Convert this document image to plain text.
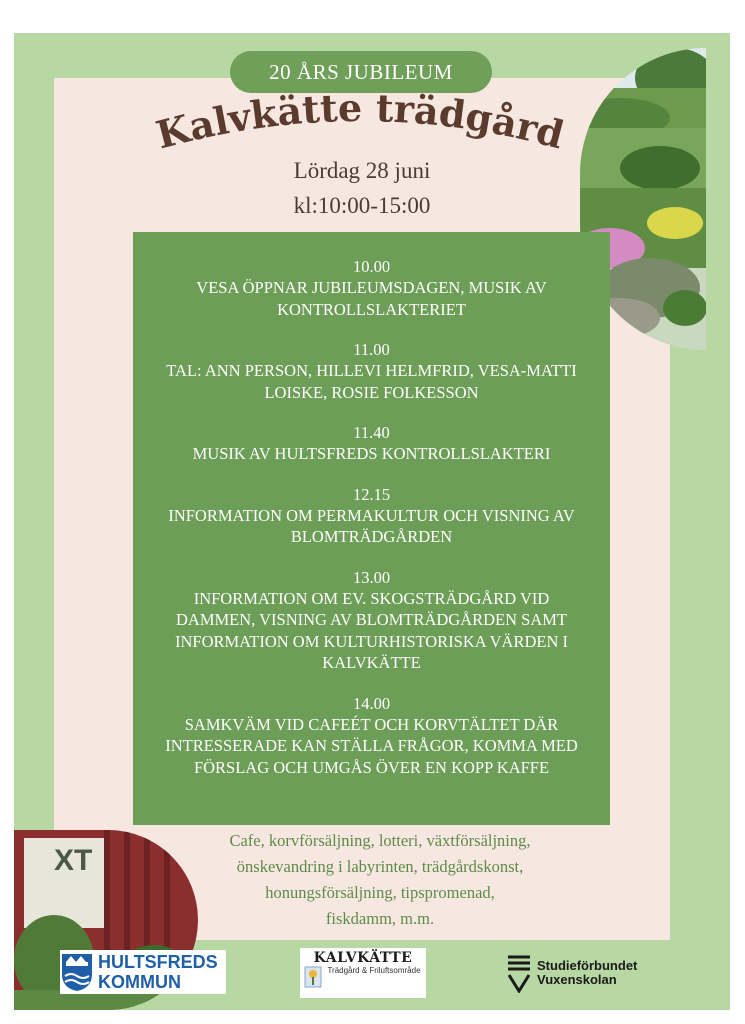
XT
20 ÅRS JUBILEUM
Kalvkätte trädgård
Lördag 28 juni
kl:10:00-15:00
10.00
VESA ÖPPNAR JUBILEUMSDAGEN, MUSIK AV KONTROLLSLAKTERIET
11.00
TAL: ANN PERSON, HILLEVI HELMFRID, VESA-MATTI LOISKE, ROSIE FOLKESSON
11.40
MUSIK AV HULTSFREDS KONTROLLSLAKTERI
12.15
INFORMATION OM PERMAKULTUR OCH VISNING AV BLOMTRÄDGÅRDEN
13.00
INFORMATION OM EV. SKOGSTRÄDGÅRD VID DAMMEN, VISNING AV BLOMTRÄDGÅRDEN SAMT INFORMATION OM KULTURHISTORISKA VÄRDEN I KALVKÄTTE
14.00
SAMKVÄM VID CAFEÉT OCH KORVTÄLTET DÄR INTRESSERADE KAN STÄLLA FRÅGOR, KOMMA MED FÖRSLAG OCH UMGÅS ÖVER EN KOPP KAFFE
Cafe, korvförsäljning, lotteri, växtförsäljning,
önskevandring i labyrinten, trädgårdskonst,
honungsförsäljning, tipspromenad,
fiskdamm, m.m.
HULTSFREDS
KOMMUN
KALVKÄTTE
Trädgård & Friluftsområde	Studieförbundet
Vuxenskolan
